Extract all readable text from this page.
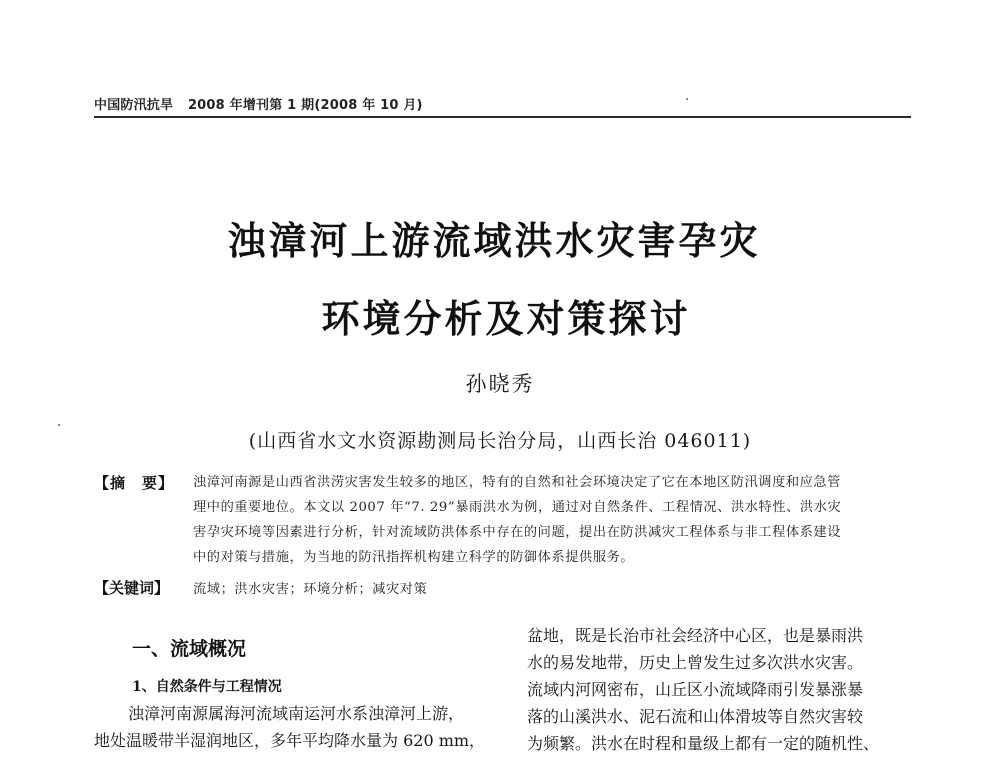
中国防汛抗旱 2008 年增刊第 1 期(2008 年 10 月)
浊漳河上游流域洪水灾害孕灾
环境分析及对策探讨
孙晓秀
(山西省水文水资源勘测局长治分局，山西长治 046011)
【摘　要】 浊漳河南源是山西省洪涝灾害发生较多的地区，特有的自然和社会环境决定了它在本地区防汛调度和应急管
理中的重要地位。本文以 2007 年“7. 29”暴雨洪水为例，通过对自然条件、工程情况、洪水特性、洪水灾
害孕灾环境等因素进行分析，针对流域防洪体系中存在的问题，提出在防洪减灾工程体系与非工程体系建设
中的对策与措施，为当地的防汛指挥机构建立科学的防御体系提供服务。
【关键词】 流域；洪水灾害；环境分析；减灾对策
一、流域概况
1、自然条件与工程情况
浊漳河南源属海河流域南运河水系浊漳河上游，
地处温暖带半湿润地区，多年平均降水量为 620 mm，
盆地，既是长治市社会经济中心区，也是暴雨洪
水的易发地带，历史上曾发生过多次洪水灾害。
流域内河网密布，山丘区小流域降雨引发暴涨暴
落的山溪洪水、泥石流和山体滑坡等自然灾害较
为频繁。洪水在时程和量级上都有一定的随机性、
